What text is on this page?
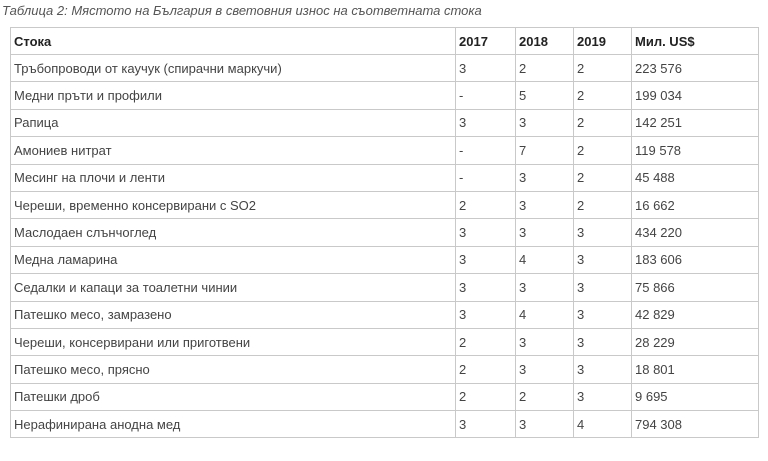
Таблица 2: Мястото на България в световния износ на съответната стока
Стока	2017	2018	2019	Мил. US$
Тръбопроводи от каучук (спирачни маркучи)	3	2	2	223 576
Медни пръти и профили	-	5	2	199 034
Рапица	3	3	2	142 251
Амониев нитрат	-	7	2	119 578
Месинг на плочи и ленти	-	3	2	45 488
Череши, временно консервирани с SO2	2	3	2	16 662
Маслодаен слънчоглед	3	3	3	434 220
Медна ламарина	3	4	3	183 606
Седалки и капаци за тоалетни чинии	3	3	3	75 866
Патешко месо, замразено	3	4	3	42 829
Череши, консервирани или приготвени	2	3	3	28 229
Патешко месо, прясно	2	3	3	18 801
Патешки дроб	2	2	3	9 695
Нерафинирана анодна мед	3	3	4	794 308
